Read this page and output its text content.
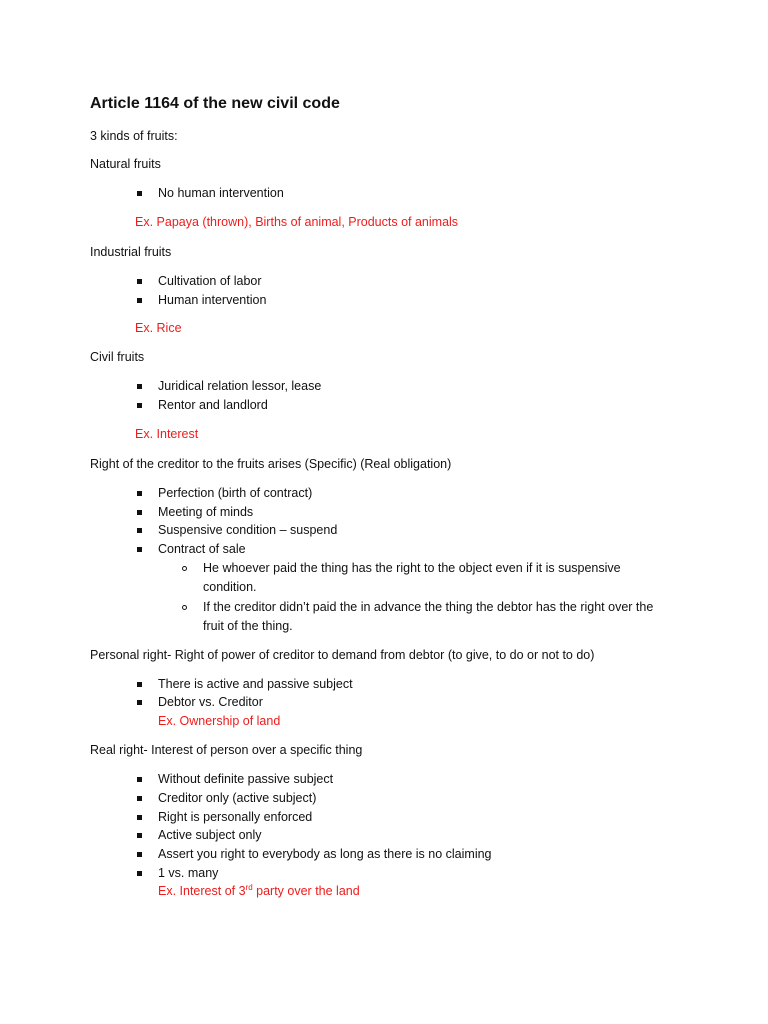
Article 1164 of the new civil code

3 kinds of fruits:

Natural fruits

No human intervention
Ex. Papaya (thrown), Births of animal, Products of animals

Industrial fruits

Cultivation of labor
Human intervention
Ex. Rice

Civil fruits

Juridical relation lessor, lease
Rentor and landlord
Ex. Interest

Right of the creditor to the fruits arises (Specific) (Real obligation)

Perfection (birth of contract)
Meeting of minds
Suspensive condition – suspend
Contract of sale
He whoever paid the thing has the right to the object even if it is suspensive condition.
If the creditor didn’t paid the in advance the thing the debtor has the right over the fruit of the thing.

Personal right- Right of power of creditor to demand from debtor (to give, to do or not to do)

There is active and passive subject
Debtor vs. Creditor
Ex. Ownership of land

Real right- Interest of person over a specific thing

Without definite passive subject
Creditor only (active subject)
Right is personally enforced
Active subject only
Assert you right to everybody as long as there is no claiming
1 vs. many
Ex. Interest of 3rd party over the land
